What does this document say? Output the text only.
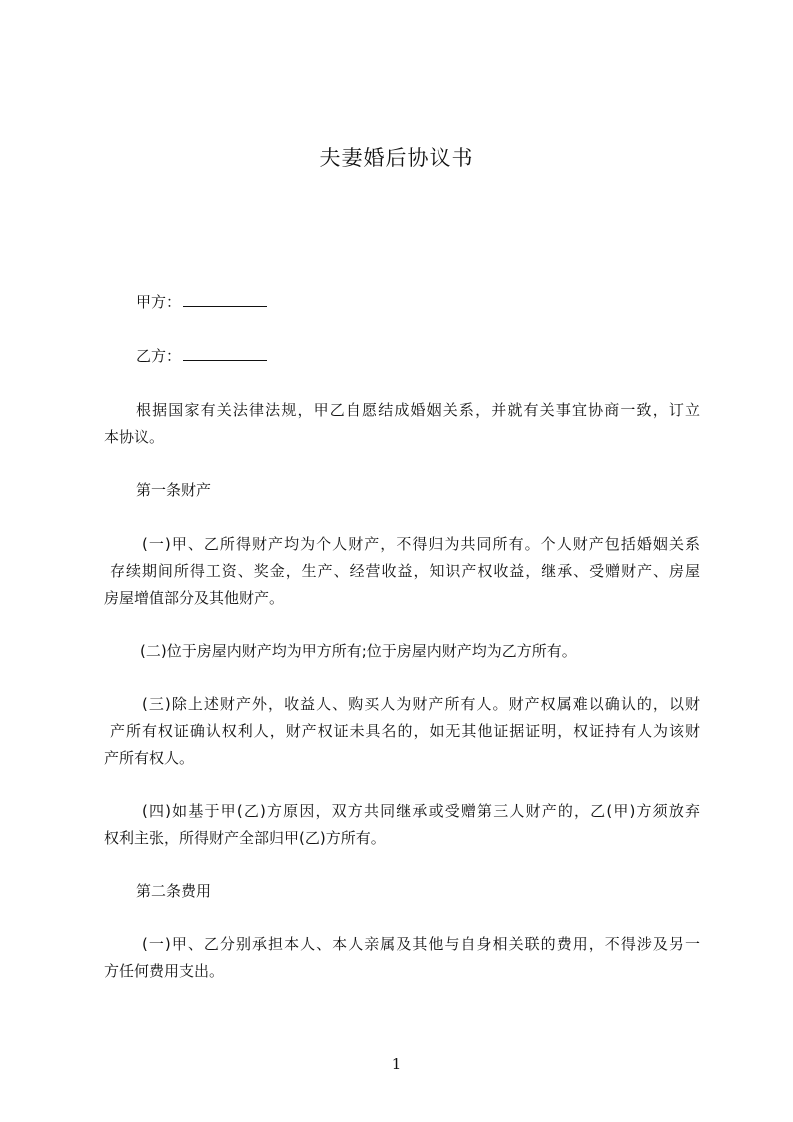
夫妻婚后协议书
甲方：
乙方：
根据国家有关法律法规，甲乙自愿结成婚姻关系，并就有关事宜协商一致，订立
本协议。
第一条财产
(一)甲、乙所得财产均为个人财产，不得归为共同所有。个人财产包括婚姻关系
存续期间所得工资、奖金，生产、经营收益，知识产权收益，继承、受赠财产、房屋
房屋增值部分及其他财产。
(二)位于房屋内财产均为甲方所有;位于房屋内财产均为乙方所有。
(三)除上述财产外，收益人、购买人为财产所有人。财产权属难以确认的，以财
产所有权证确认权利人，财产权证未具名的，如无其他证据证明，权证持有人为该财
产所有权人。
(四)如基于甲(乙)方原因，双方共同继承或受赠第三人财产的，乙(甲)方须放弃
权利主张，所得财产全部归甲(乙)方所有。
第二条费用
(一)甲、乙分别承担本人、本人亲属及其他与自身相关联的费用，不得涉及另一
方任何费用支出。
1
